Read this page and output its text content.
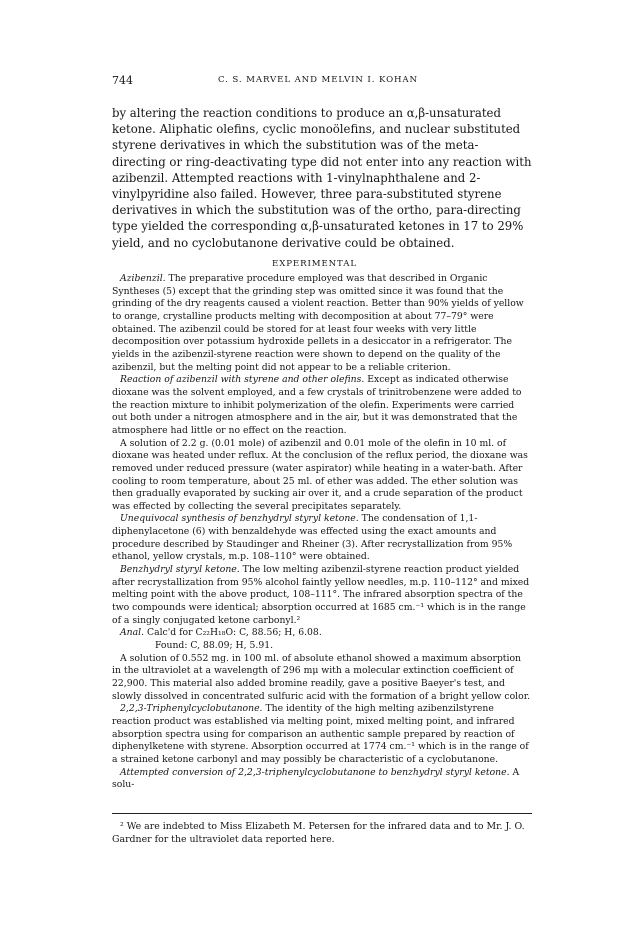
744	C. S. MARVEL AND MELVIN I. KOHAN

by altering the reaction conditions to produce an α,β-unsaturated ketone. Aliphatic olefins, cyclic monoölefins, and nuclear substituted styrene derivatives in which the substitution was of the meta-directing or ring-deactivating type did not enter into any reaction with azibenzil. Attempted reactions with 1-vinylnaphthalene and 2-vinylpyridine also failed. However, three para-substituted styrene derivatives in which the substitution was of the ortho, para-directing type yielded the corresponding α,β-unsaturated ketones in 17 to 29% yield, and no cyclobutanone derivative could be obtained.

EXPERIMENTAL

Azibenzil. The preparative procedure employed was that described in Organic Syntheses (5) except that the grinding step was omitted since it was found that the grinding of the dry reagents caused a violent reaction. Better than 90% yields of yellow to orange, crystalline products melting with decomposition at about 77–79° were obtained. The azibenzil could be stored for at least four weeks with very little decomposition over potassium hydroxide pellets in a desiccator in a refrigerator. The yields in the azibenzil-styrene reaction were shown to depend on the quality of the azibenzil, but the melting point did not appear to be a reliable criterion.

Reaction of azibenzil with styrene and other olefins. Except as indicated otherwise dioxane was the solvent employed, and a few crystals of trinitrobenzene were added to the reaction mixture to inhibit polymerization of the olefin. Experiments were carried out both under a nitrogen atmosphere and in the air, but it was demonstrated that the atmosphere had little or no effect on the reaction.

A solution of 2.2 g. (0.01 mole) of azibenzil and 0.01 mole of the olefin in 10 ml. of dioxane was heated under reflux. At the conclusion of the reflux period, the dioxane was removed under reduced pressure (water aspirator) while heating in a water-bath. After cooling to room temperature, about 25 ml. of ether was added. The ether solution was then gradually evaporated by sucking air over it, and a crude separation of the product was effected by collecting the several precipitates separately.

Unequivocal synthesis of benzhydryl styryl ketone. The condensation of 1,1-diphenylacetone (6) with benzaldehyde was effected using the exact amounts and procedure described by Staudinger and Rheiner (3). After recrystallization from 95% ethanol, yellow crystals, m.p. 108–110° were obtained.

Benzhydryl styryl ketone. The low melting azibenzil-styrene reaction product yielded after recrystallization from 95% alcohol faintly yellow needles, m.p. 110–112° and mixed melting point with the above product, 108–111°. The infrared absorption spectra of the two compounds were identical; absorption occurred at 1685 cm.⁻¹ which is in the range of a singly conjugated ketone carbonyl.²

Anal. Calc'd for C₂₂H₁₈O: C, 88.56; H, 6.08.

Found: C, 88.09; H, 5.91.

A solution of 0.552 mg. in 100 ml. of absolute ethanol showed a maximum absorption in the ultraviolet at a wavelength of 296 mμ with a molecular extinction coefficient of 22,900. This material also added bromine readily, gave a positive Baeyer's test, and slowly dissolved in concentrated sulfuric acid with the formation of a bright yellow color.

2,2,3-Triphenylcyclobutanone. The identity of the high melting azibenzilstyrene reaction product was established via melting point, mixed melting point, and infrared absorption spectra using for comparison an authentic sample prepared by reaction of diphenylketene with styrene. Absorption occurred at 1774 cm.⁻¹ which is in the range of a strained ketone carbonyl and may possibly be characteristic of a cyclobutanone.

Attempted conversion of 2,2,3-triphenylcyclobutanone to benzhydryl styryl ketone. A solu-

² We are indebted to Miss Elizabeth M. Petersen for the infrared data and to Mr. J. O. Gardner for the ultraviolet data reported here.
